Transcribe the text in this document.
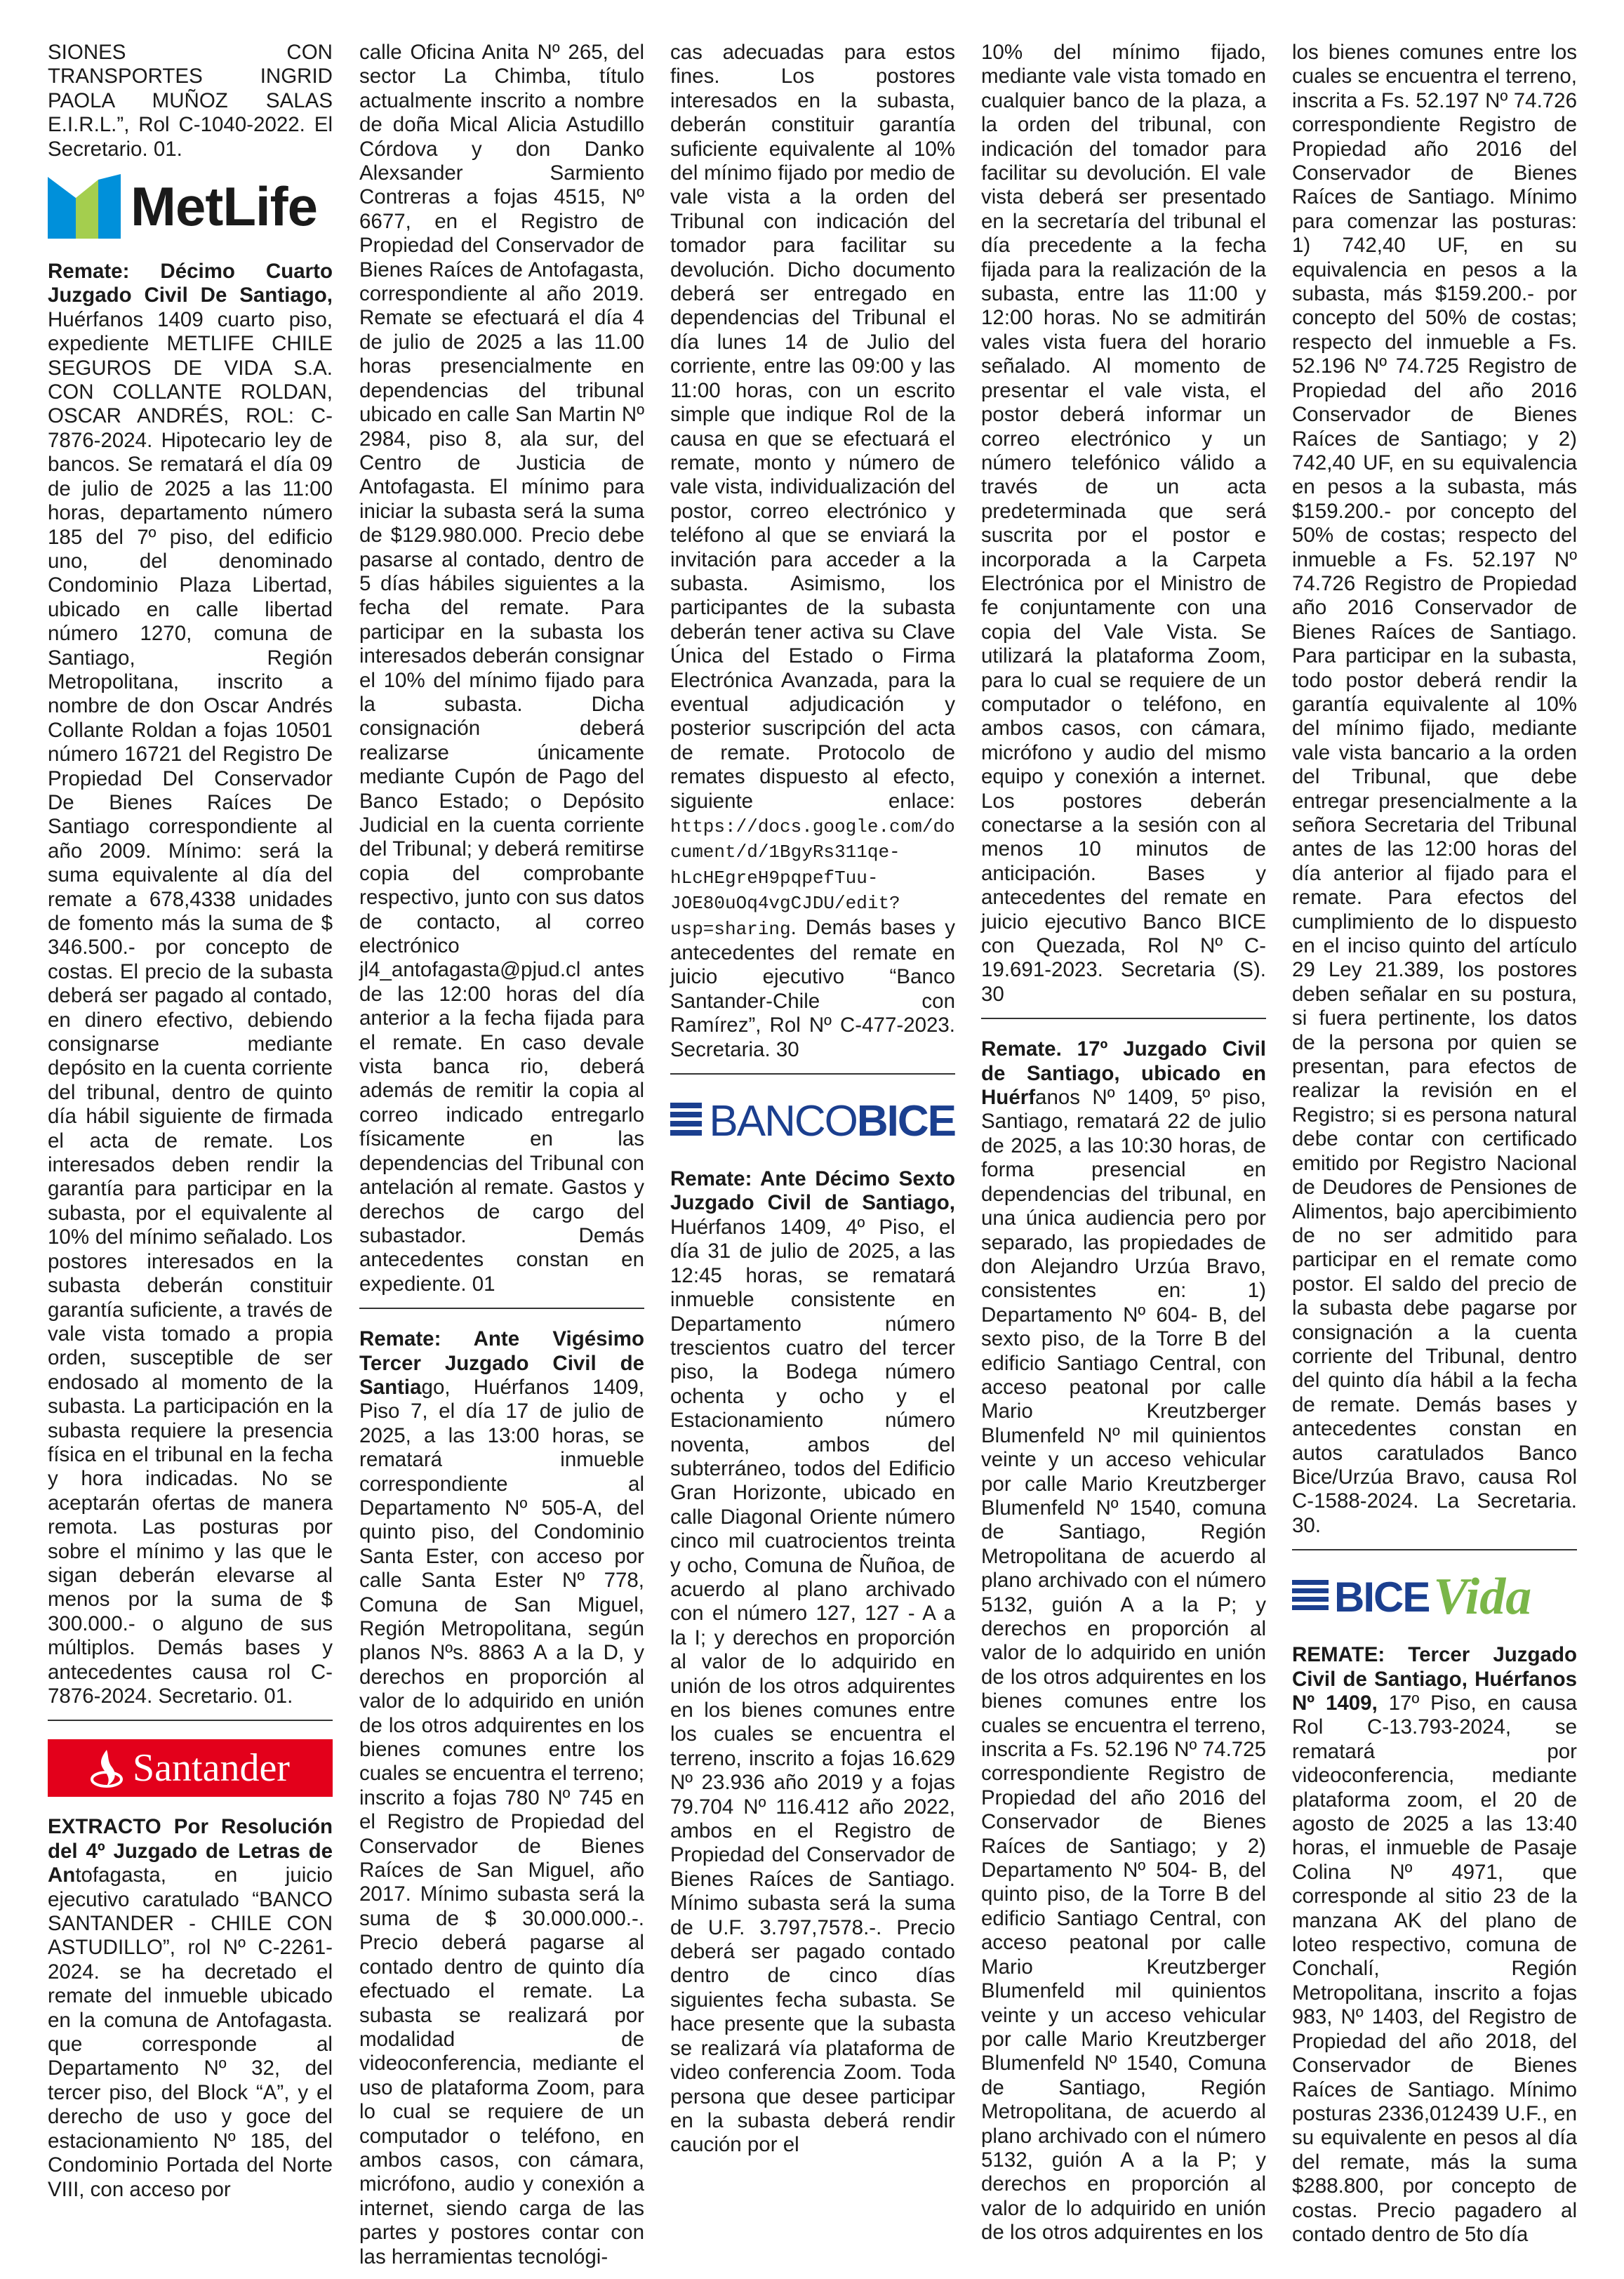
SIONES CON TRANSPORTES INGRID PAOLA MUÑOZ SALAS E.I.R.L.”, Rol C-1040-2022. El Secretario. 01.

MetLife

Remate: Décimo Cuarto Juzgado Civil De Santiago, Huérfanos 1409 cuarto piso, expediente METLIFE CHILE SEGUROS DE VIDA S.A. CON COLLANTE ROLDAN, OSCAR ANDRÉS, ROL: C-7876-2024. Hipotecario ley de bancos. Se rematará el día 09 de julio de 2025 a las 11:00 horas, departamento número 185 del 7º piso, del edificio uno, del denominado Condominio Plaza Libertad, ubicado en calle libertad número 1270, comuna de Santiago, Región Metropolitana, inscrito a nombre de don Oscar Andrés Collante Roldan a fojas 10501 número 16721 del Registro De Propiedad Del Conservador De Bienes Raíces De Santiago correspondiente al año 2009. Mínimo: será la suma equivalente al día del remate a 678,4338 unidades de fomento más la suma de $ 346.500.- por concepto de costas. El precio de la subasta deberá ser pagado al contado, en dinero efectivo, debiendo consignarse mediante depósito en la cuenta corriente del tribunal, dentro de quinto día hábil siguiente de firmada el acta de remate. Los interesados deben rendir la garantía para participar en la subasta, por el equivalente al 10% del mínimo señalado. Los postores interesados en la subasta deberán constituir garantía suficiente, a través de vale vista tomado a propia orden, susceptible de ser endosado al momento de la subasta. La participación en la subasta requiere la presencia física en el tribunal en la fecha y hora indicadas. No se aceptarán ofertas de manera remota. Las posturas por sobre el mínimo y las que le sigan deberán elevarse al menos por la suma de $ 300.000.- o alguno de sus múltiplos. Demás bases y antecedentes causa rol C-7876-2024. Secretario. 01.

Santander

EXTRACTO Por Resolución del 4º Juzgado de Letras de Antofagasta, en juicio ejecutivo caratulado “BANCO SANTANDER - CHILE CON ASTUDILLO”, rol Nº C-2261-2024. se ha decretado el remate del inmueble ubicado en la comuna de Antofagasta. que corresponde al Departamento Nº 32, del tercer piso, del Block “A”, y el derecho de uso y goce del estacionamiento Nº 185, del Condominio Portada del Norte VIII, con acceso por

calle Oficina Anita Nº 265, del sector La Chimba, título actualmente inscrito a nombre de doña Mical Alicia Astudillo Córdova y don Danko Alexsander Sarmiento Contreras a fojas 4515, Nº 6677, en el Registro de Propiedad del Conservador de Bienes Raíces de Antofagasta, correspondiente al año 2019. Remate se efectuará el día 4 de julio de 2025 a las 11.00 horas presencialmente en dependencias del tribunal ubicado en calle San Martin Nº 2984, piso 8, ala sur, del Centro de Justicia de Antofagasta. El mínimo para iniciar la subasta será la suma de $129.980.000. Precio debe pasarse al contado, dentro de 5 días hábiles siguientes a la fecha del remate. Para participar en la subasta los interesados deberán consignar el 10% del mínimo fijado para la subasta. Dicha consignación deberá realizarse únicamente mediante Cupón de Pago del Banco Estado; o Depósito Judicial en la cuenta corriente del Tribunal; y deberá remitirse copia del comprobante respectivo, junto con sus datos de contacto, al correo electrónico jl4_antofagasta@pjud.cl antes de las 12:00 horas del día anterior a la fecha fijada para el remate. En caso devale vista banca rio, deberá además de remitir la copia al correo indicado entregarlo físicamente en las dependencias del Tribunal con antelación al remate. Gastos y derechos de cargo del subastador. Demás antecedentes constan en expediente. 01

Remate: Ante Vigésimo Tercer Juzgado Civil de Santiago, Huérfanos 1409, Piso 7, el día 17 de julio de 2025, a las 13:00 horas, se rematará inmueble correspondiente al Departamento Nº 505-A, del quinto piso, del Condominio Santa Ester, con acceso por calle Santa Ester Nº 778, Comuna de San Miguel, Región Metropolitana, según planos Nºs. 8863 A a la D, y derechos en proporción al valor de lo adquirido en unión de los otros adquirentes en los bienes comunes entre los cuales se encuentra el terreno; inscrito a fojas 780 Nº 745 en el Registro de Propiedad del Conservador de Bienes Raíces de San Miguel, año 2017. Mínimo subasta será la suma de $ 30.000.000.-. Precio deberá pagarse al contado dentro de quinto día efectuado el remate. La subasta se realizará por modalidad de videoconferencia, mediante el uso de plataforma Zoom, para lo cual se requiere de un computador o teléfono, en ambos casos, con cámara, micrófono, audio y conexión a internet, siendo carga de las partes y postores contar con las herramientas tecnológi-

cas adecuadas para estos fines. Los postores interesados en la subasta, deberán constituir garantía suficiente equivalente al 10% del mínimo fijado por medio de vale vista a la orden del Tribunal con indicación del tomador para facilitar su devolución. Dicho documento deberá ser entregado en dependencias del Tribunal el día lunes 14 de Julio del corriente, entre las 09:00 y las 11:00 horas, con un escrito simple que indique Rol de la causa en que se efectuará el remate, monto y número de vale vista, individualización del postor, correo electrónico y teléfono al que se enviará la invitación para acceder a la subasta. Asimismo, los participantes de la subasta deberán tener activa su Clave Única del Estado o Firma Electrónica Avanzada, para la eventual adjudicación y posterior suscripción del acta de remate. Protocolo de remates dispuesto al efecto, siguiente enlace: https://docs.google.com/document/d/1BgyRs311qe-hLcHEgreH9pqpefTuu-JOE80uOq4vgCJDU/edit?usp=sharing. Demás bases y antecedentes del remate en juicio ejecutivo “Banco Santander-Chile con Ramírez”, Rol Nº C-477-2023. Secretaria. 30

BANCOBICE

Remate: Ante Décimo Sexto Juzgado Civil de Santiago, Huérfanos 1409, 4º Piso, el día 31 de julio de 2025, a las 12:45 horas, se rematará inmueble consistente en Departamento número trescientos cuatro del tercer piso, la Bodega número ochenta y ocho y el Estacionamiento número noventa, ambos del subterráneo, todos del Edificio Gran Horizonte, ubicado en calle Diagonal Oriente número cinco mil cuatrocientos treinta y ocho, Comuna de Ñuñoa, de acuerdo al plano archivado con el número 127, 127 - A a la I; y derechos en proporción al valor de lo adquirido en unión de los otros adquirentes en los bienes comunes entre los cuales se encuentra el terreno, inscrito a fojas 16.629 Nº 23.936 año 2019 y a fojas 79.704 Nº 116.412 año 2022, ambos en el Registro de Propiedad del Conservador de Bienes Raíces de Santiago. Mínimo subasta será la suma de U.F. 3.797,7578.-. Precio deberá ser pagado contado dentro de cinco días siguientes fecha subasta. Se hace presente que la subasta se realizará vía plataforma de video conferencia Zoom. Toda persona que desee participar en la subasta deberá rendir caución por el

10% del mínimo fijado, mediante vale vista tomado en cualquier banco de la plaza, a la orden del tribunal, con indicación del tomador para facilitar su devolución. El vale vista deberá ser presentado en la secretaría del tribunal el día precedente a la fecha fijada para la realización de la subasta, entre las 11:00 y 12:00 horas. No se admitirán vales vista fuera del horario señalado. Al momento de presentar el vale vista, el postor deberá informar un correo electrónico y un número telefónico válido a través de un acta predeterminada que será suscrita por el postor e incorporada a la Carpeta Electrónica por el Ministro de fe conjuntamente con una copia del Vale Vista. Se utilizará la plataforma Zoom, para lo cual se requiere de un computador o teléfono, en ambos casos, con cámara, micrófono y audio del mismo equipo y conexión a internet. Los postores deberán conectarse a la sesión con al menos 10 minutos de anticipación. Bases y antecedentes del remate en juicio ejecutivo Banco BICE con Quezada, Rol Nº C-19.691-2023. Secretaria (S). 30

Remate. 17º Juzgado Civil de Santiago, ubicado en Huérfanos Nº 1409, 5º piso, Santiago, rematará 22 de julio de 2025, a las 10:30 horas, de forma presencial en dependencias del tribunal, en una única audiencia pero por separado, las propiedades de don Alejandro Urzúa Bravo, consistentes en: 1) Departamento Nº 604- B, del sexto piso, de la Torre B del edificio Santiago Central, con acceso peatonal por calle Mario Kreutzberger Blumenfeld Nº mil quinientos veinte y un acceso vehicular por calle Mario Kreutzberger Blumenfeld Nº 1540, comuna de Santiago, Región Metropolitana de acuerdo al plano archivado con el número 5132, guión A a la P; y derechos en proporción al valor de lo adquirido en unión de los otros adquirentes en los bienes comunes entre los cuales se encuentra el terreno, inscrita a Fs. 52.196 Nº 74.725 correspondiente Registro de Propiedad del año 2016 del Conservador de Bienes Raíces de Santiago; y 2) Departamento Nº 504- B, del quinto piso, de la Torre B del edificio Santiago Central, con acceso peatonal por calle Mario Kreutzberger Blumenfeld mil quinientos veinte y un acceso vehicular por calle Mario Kreutzberger Blumenfeld Nº 1540, Comuna de Santiago, Región Metropolitana, de acuerdo al plano archivado con el número 5132, guión A a la P; y derechos en proporción al valor de lo adquirido en unión de los otros adquirentes en los

los bienes comunes entre los cuales se encuentra el terreno, inscrita a Fs. 52.197 Nº 74.726 correspondiente Registro de Propiedad año 2016 del Conservador de Bienes Raíces de Santiago. Mínimo para comenzar las posturas: 1) 742,40 UF, en su equivalencia en pesos a la subasta, más $159.200.- por concepto del 50% de costas; respecto del inmueble a Fs. 52.196 Nº 74.725 Registro de Propiedad del año 2016 Conservador de Bienes Raíces de Santiago; y 2) 742,40 UF, en su equivalencia en pesos a la subasta, más $159.200.- por concepto del 50% de costas; respecto del inmueble a Fs. 52.197 Nº 74.726 Registro de Propiedad año 2016 Conservador de Bienes Raíces de Santiago. Para participar en la subasta, todo postor deberá rendir la garantía equivalente al 10% del mínimo fijado, mediante vale vista bancario a la orden del Tribunal, que debe entregar presencialmente a la señora Secretaria del Tribunal antes de las 12:00 horas del día anterior al fijado para el remate. Para efectos del cumplimiento de lo dispuesto en el inciso quinto del artículo 29 Ley 21.389, los postores deben señalar en su postura, si fuera pertinente, los datos de la persona por quien se presentan, para efectos de realizar la revisión en el Registro; si es persona natural debe contar con certificado emitido por Registro Nacional de Deudores de Pensiones de Alimentos, bajo apercibimiento de no ser admitido para participar en el remate como postor. El saldo del precio de la subasta debe pagarse por consignación a la cuenta corriente del Tribunal, dentro del quinto día hábil a la fecha de remate. Demás bases y antecedentes constan en autos caratulados Banco Bice/Urzúa Bravo, causa Rol C-1588-2024. La Secretaria. 30.

BICE Vida

REMATE: Tercer Juzgado Civil de Santiago, Huérfanos Nº 1409, 17º Piso, en causa Rol C-13.793-2024, se rematará por videoconferencia, mediante plataforma zoom, el 20 de agosto de 2025 a las 13:40 horas, el inmueble de Pasaje Colina Nº 4971, que corresponde al sitio 23 de la manzana AK del plano de loteo respectivo, comuna de Conchalí, Región Metropolitana, inscrito a fojas 983, Nº 1403, del Registro de Propiedad del año 2018, del Conservador de Bienes Raíces de Santiago. Mínimo posturas 2336,012439 U.F., en su equivalente en pesos al día del remate, más la suma $288.800, por concepto de costas. Precio pagadero al contado dentro de 5to día
